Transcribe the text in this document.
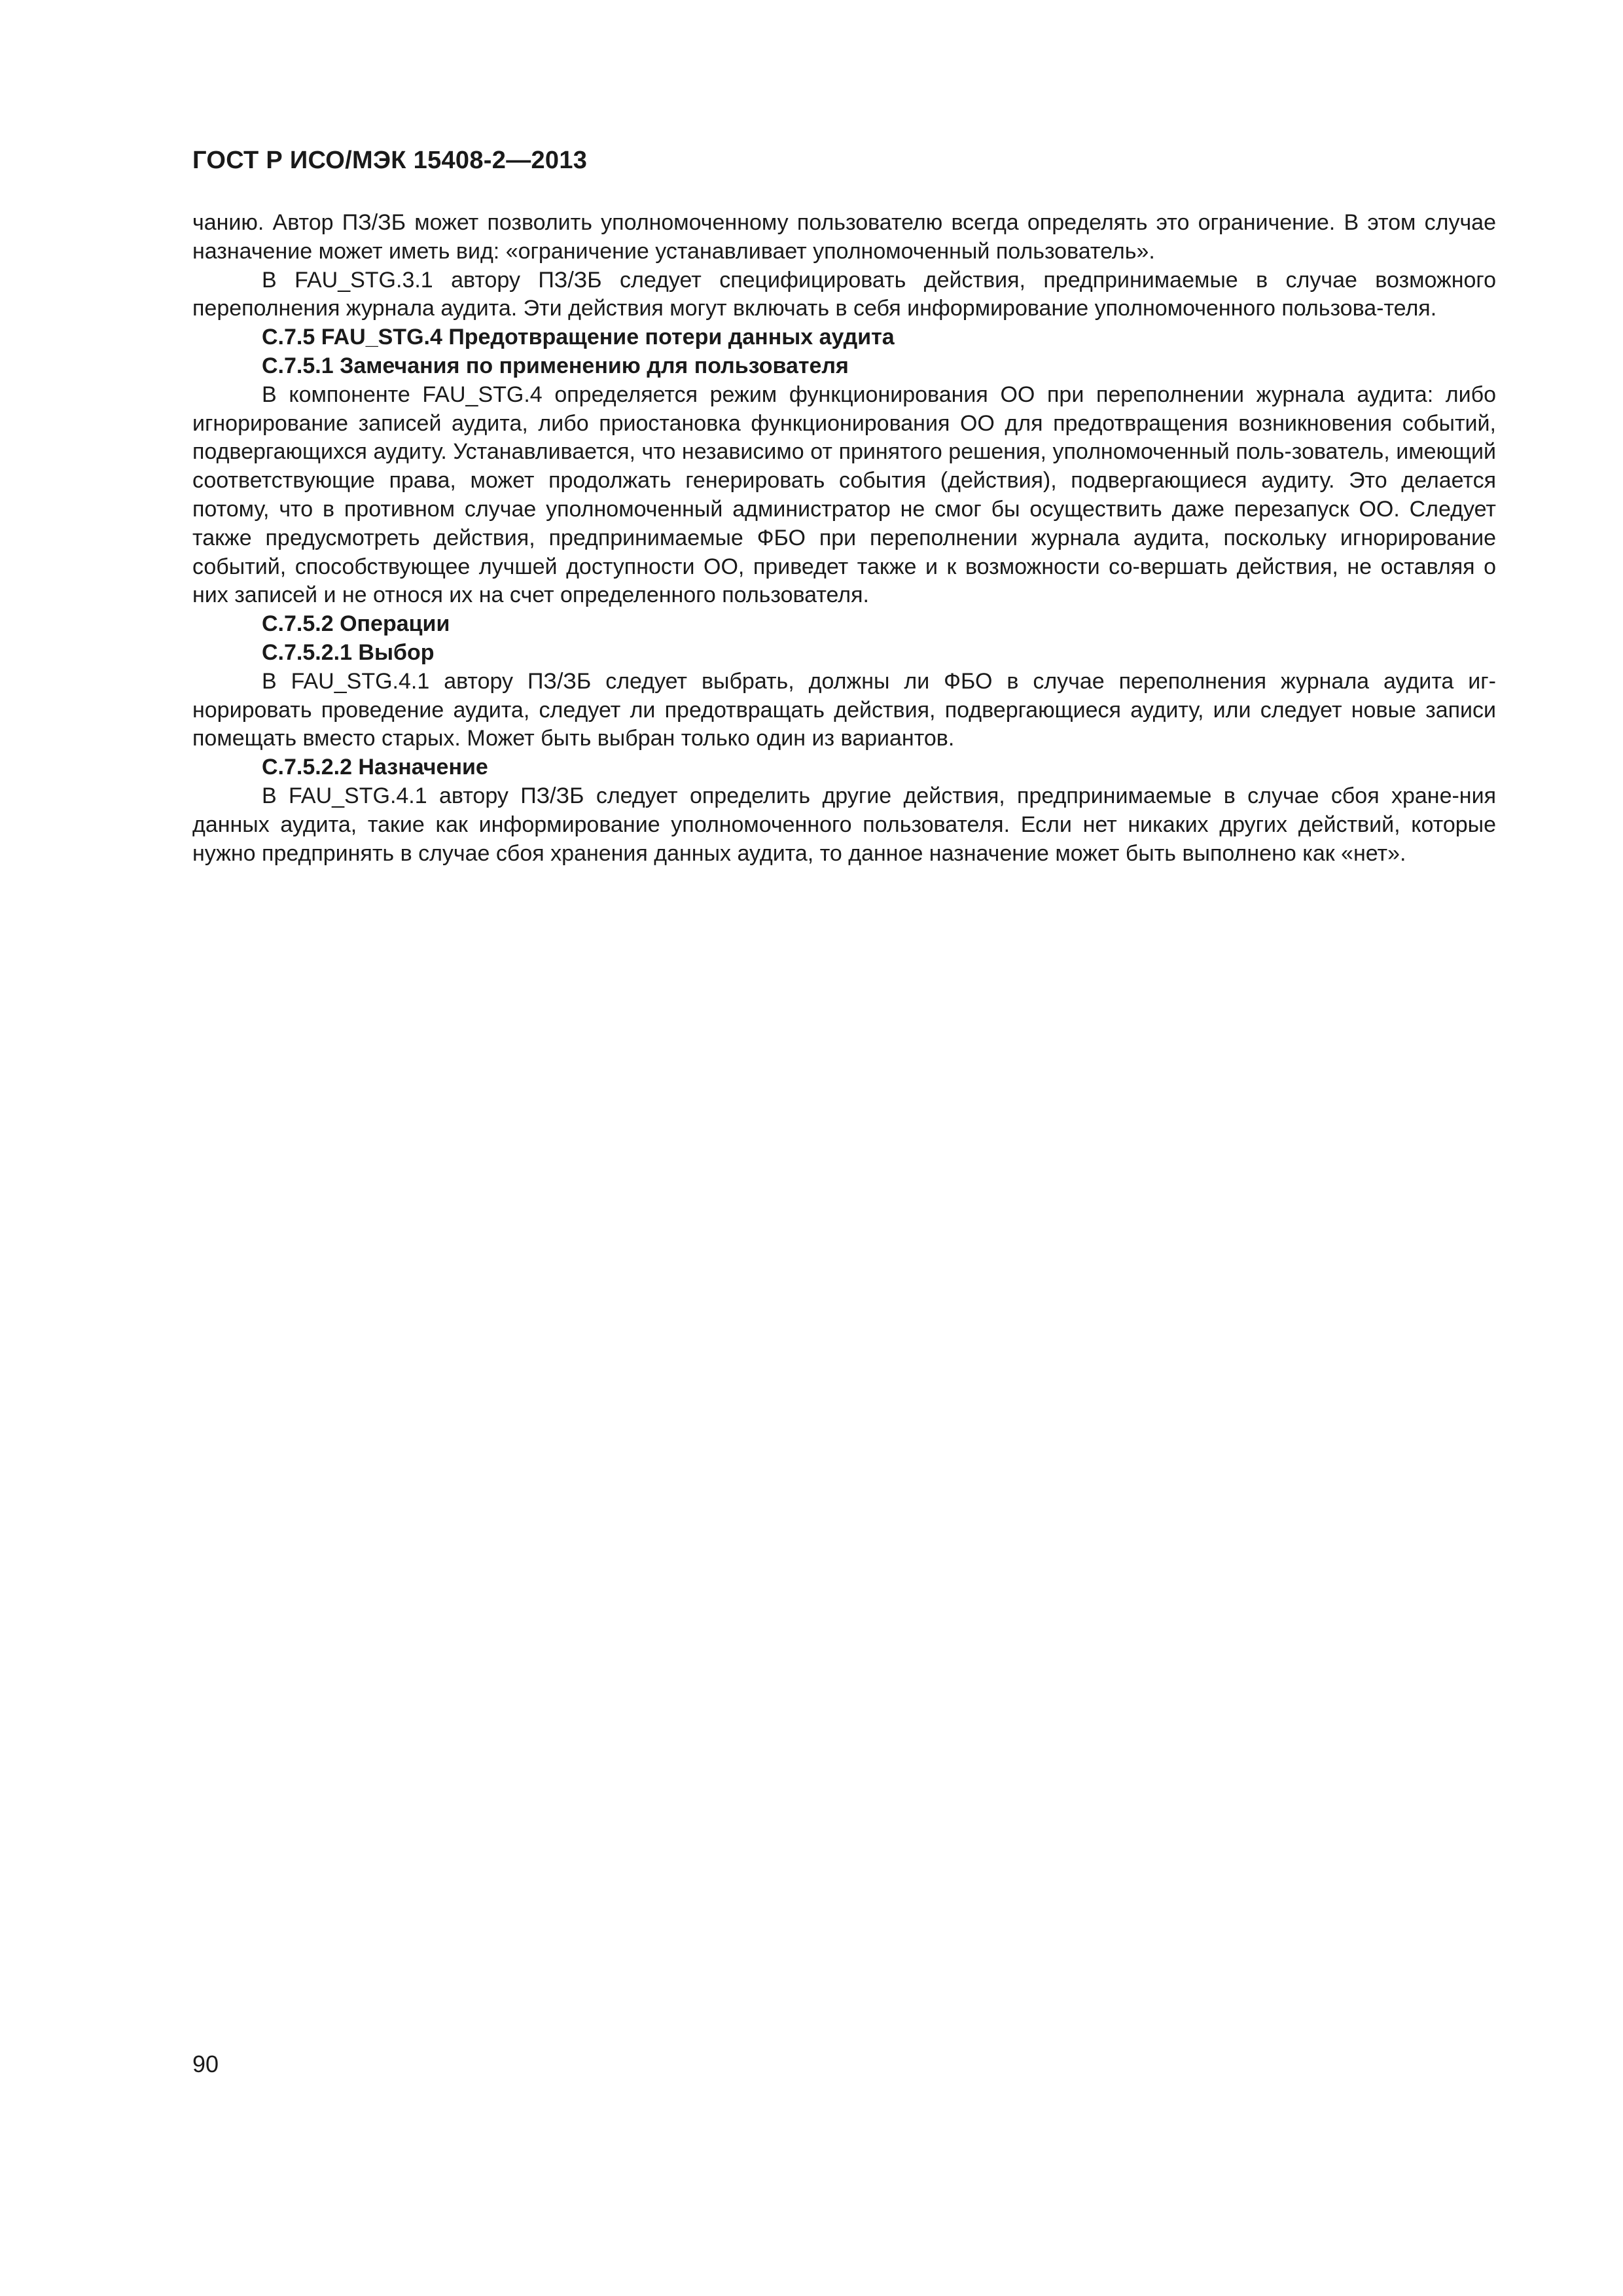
ГОСТ Р ИСО/МЭК 15408-2—2013

чанию. Автор ПЗ/ЗБ может позволить уполномоченному пользователю всегда определять это ограничение. В этом случае назначение может иметь вид: «ограничение устанавливает уполномоченный пользователь».

В FAU_STG.3.1 автору ПЗ/ЗБ следует специфицировать действия, предпринимаемые в случае возможного переполнения журнала аудита. Эти действия могут включать в себя информирование уполномоченного пользова-теля.

C.7.5 FAU_STG.4 Предотвращение потери данных аудита

C.7.5.1 Замечания по применению для пользователя

В компоненте FAU_STG.4 определяется режим функционирования ОО при переполнении журнала аудита: либо игнорирование записей аудита, либо приостановка функционирования ОО для предотвращения возникновения событий, подвергающихся аудиту. Устанавливается, что независимо от принятого решения, уполномоченный поль-зователь, имеющий соответствующие права, может продолжать генерировать события (действия), подвергающиеся аудиту. Это делается потому, что в противном случае уполномоченный администратор не смог бы осуществить даже перезапуск ОО. Следует также предусмотреть действия, предпринимаемые ФБО при переполнении журнала аудита, поскольку игнорирование событий, способствующее лучшей доступности ОО, приведет также и к возможности со-вершать действия, не оставляя о них записей и не относя их на счет определенного пользователя.

C.7.5.2 Операции

C.7.5.2.1 Выбор

В FAU_STG.4.1 автору ПЗ/ЗБ следует выбрать, должны ли ФБО в случае переполнения журнала аудита иг-норировать проведение аудита, следует ли предотвращать действия, подвергающиеся аудиту, или следует новые записи помещать вместо старых. Может быть выбран только один из вариантов.

C.7.5.2.2 Назначение

В FAU_STG.4.1 автору ПЗ/ЗБ следует определить другие действия, предпринимаемые в случае сбоя хране-ния данных аудита, такие как информирование уполномоченного пользователя. Если нет никаких других действий, которые нужно предпринять в случае сбоя хранения данных аудита, то данное назначение может быть выполнено как «нет».

90
